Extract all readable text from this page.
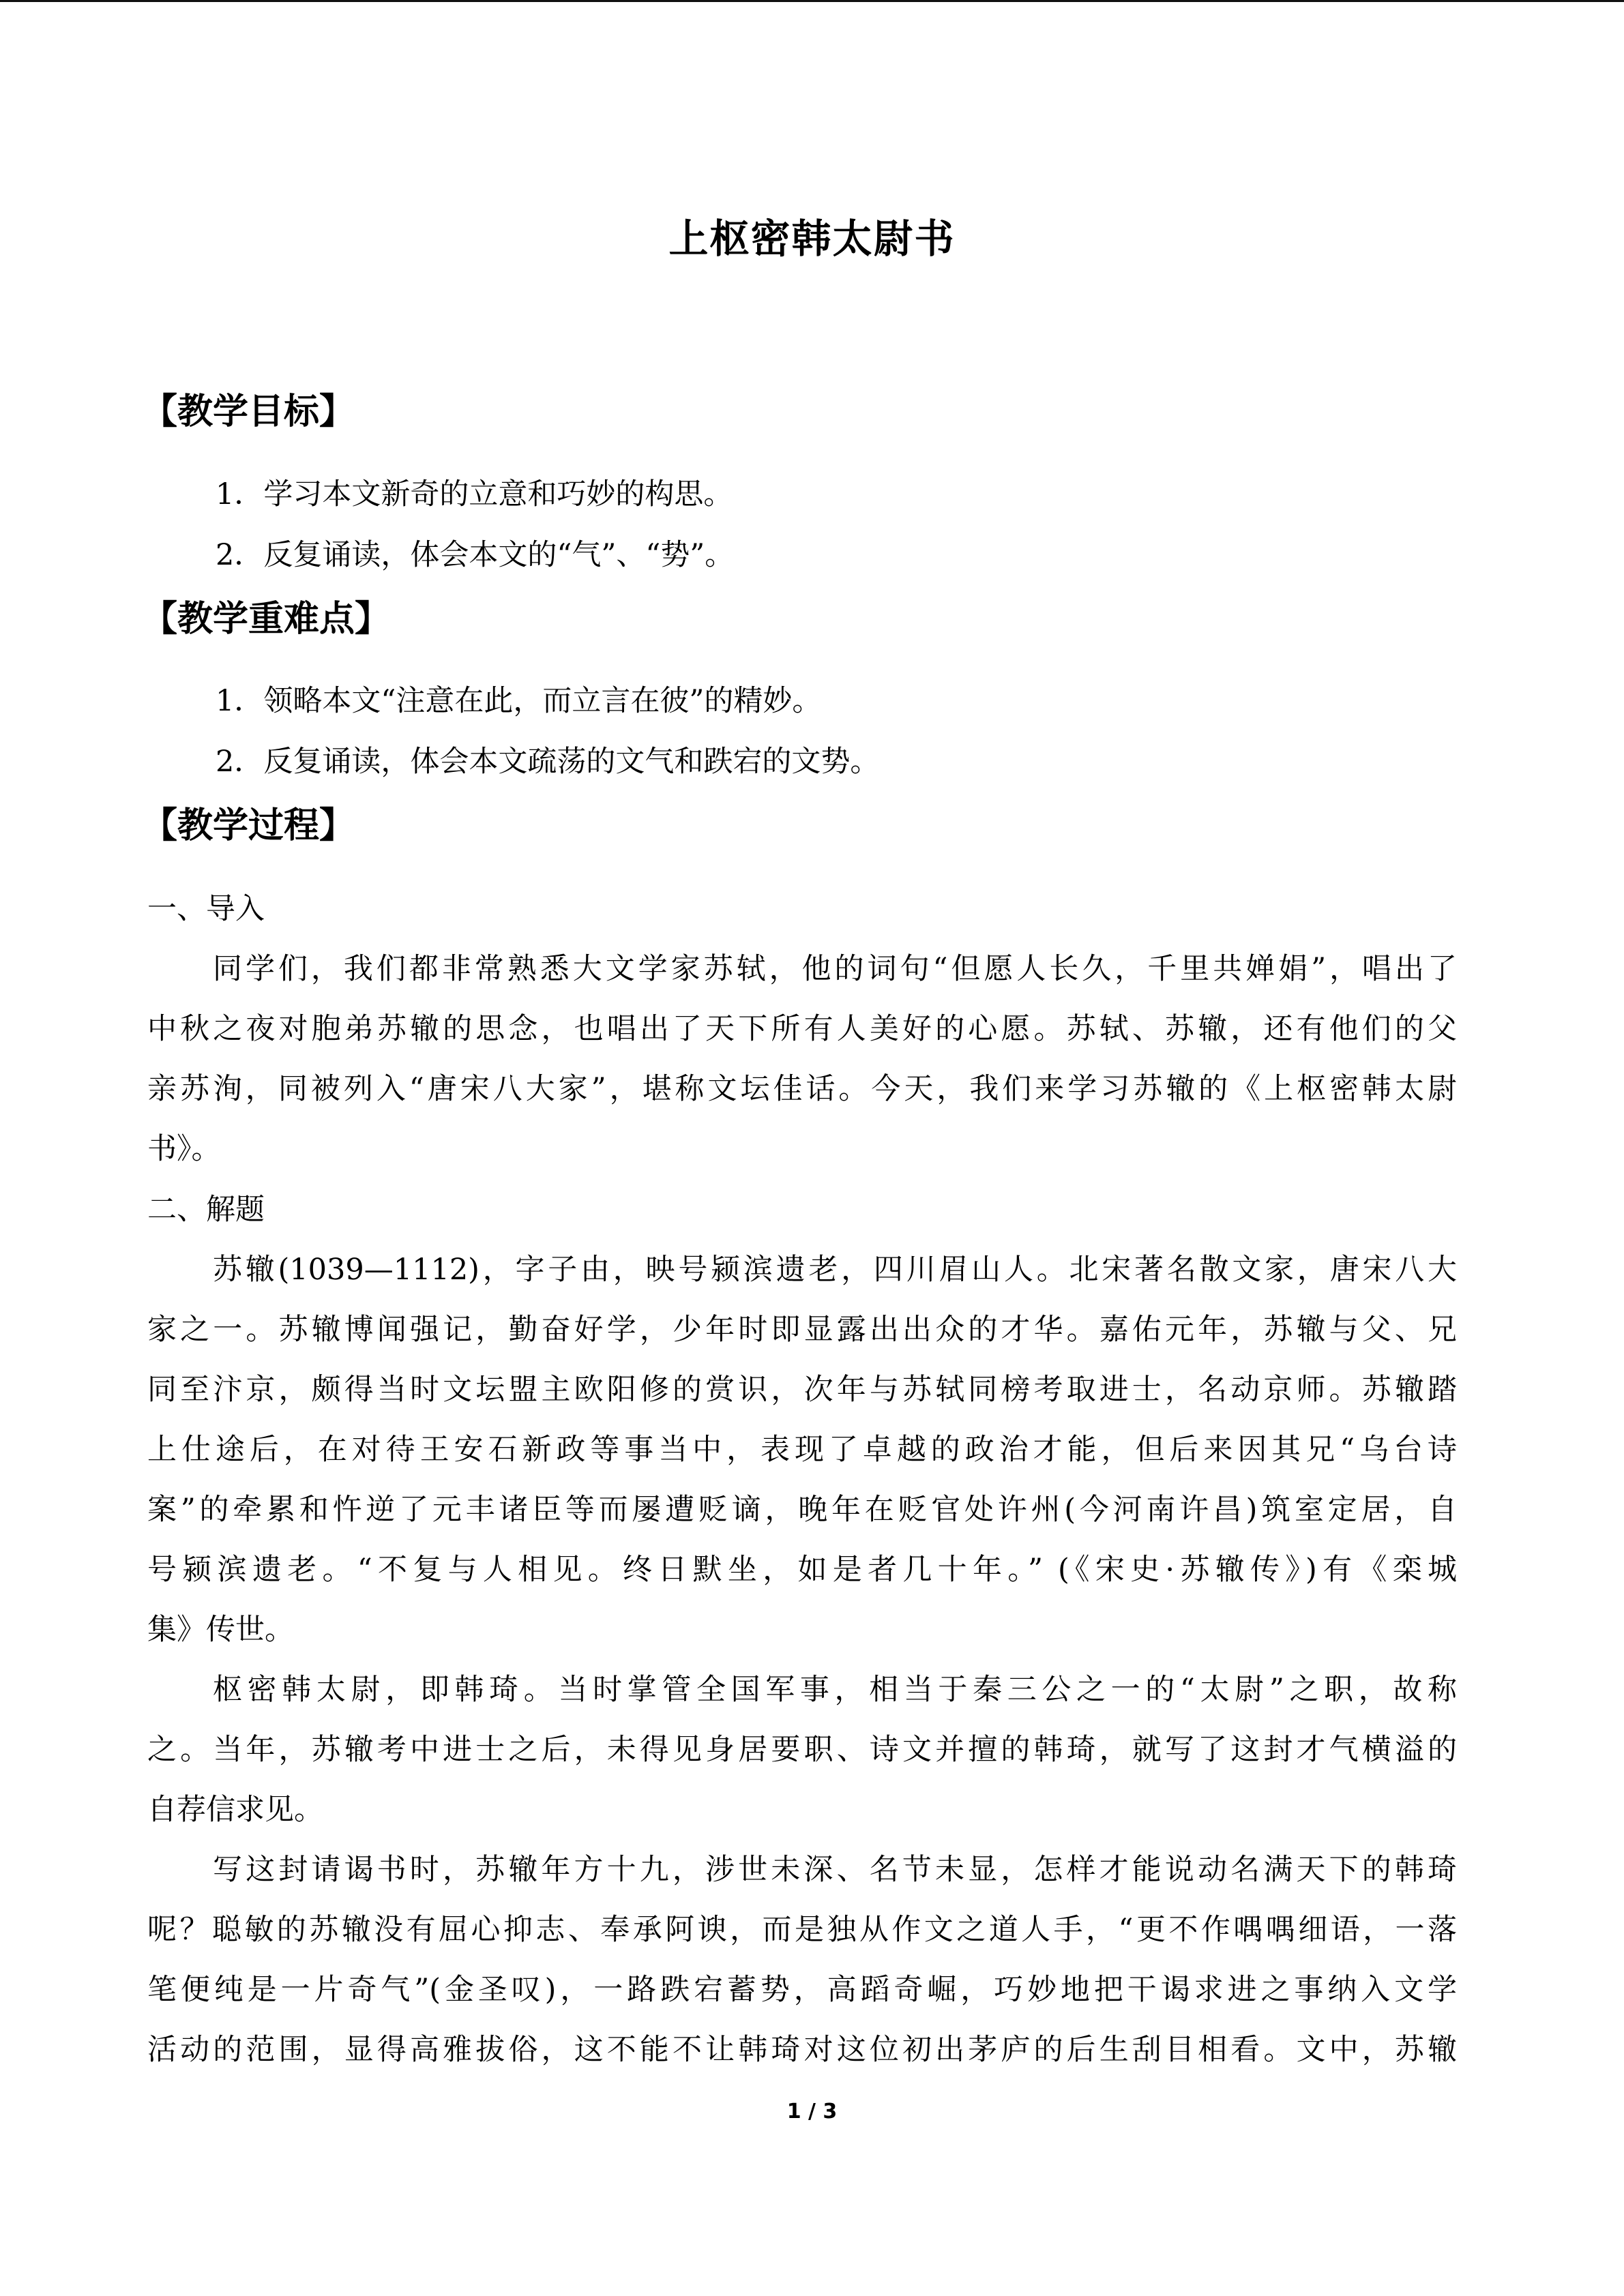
上枢密韩太尉书
【教学目标】
1．学习本文新奇的立意和巧妙的构思。
2．反复诵读，体会本文的“气”、“势”。
【教学重难点】
1．领略本文“注意在此，而立言在彼”的精妙。
2．反复诵读，体会本文疏荡的文气和跌宕的文势。
【教学过程】
一、导入
同学们，我们都非常熟悉大文学家苏轼，他的词句“但愿人长久，千里共婵娟”，唱出了
中秋之夜对胞弟苏辙的思念，也唱出了天下所有人美好的心愿。苏轼、苏辙，还有他们的父
亲苏洵，同被列入“唐宋八大家”，堪称文坛佳话。今天，我们来学习苏辙的《上枢密韩太尉
书》。
二、解题
苏辙(1039—1112)，字子由，映号颍滨遗老，四川眉山人。北宋著名散文家，唐宋八大
家之一。苏辙博闻强记，勤奋好学，少年时即显露出出众的才华。嘉佑元年，苏辙与父、兄
同至汴京，颇得当时文坛盟主欧阳修的赏识，次年与苏轼同榜考取进士，名动京师。苏辙踏
上仕途后，在对待王安石新政等事当中，表现了卓越的政治才能，但后来因其兄“乌台诗
案”的牵累和忤逆了元丰诸臣等而屡遭贬谪，晚年在贬官处许州(今河南许昌)筑室定居，自
号颍滨遗老。“不复与人相见。终日默坐，如是者几十年。” (《宋史·苏辙传》)有《栾城
集》传世。
枢密韩太尉，即韩琦。当时掌管全国军事，相当于秦三公之一的“太尉”之职，故称
之。当年，苏辙考中进士之后，未得见身居要职、诗文并擅的韩琦，就写了这封才气横溢的
自荐信求见。
写这封请谒书时，苏辙年方十九，涉世未深、名节未显，怎样才能说动名满天下的韩琦
呢？聪敏的苏辙没有屈心抑志、奉承阿谀，而是独从作文之道人手，“更不作喁喁细语，一落
笔便纯是一片奇气”(金圣叹)，一路跌宕蓄势，高蹈奇崛，巧妙地把干谒求进之事纳入文学
活动的范围，显得高雅拔俗，这不能不让韩琦对这位初出茅庐的后生刮目相看。文中，苏辙
1 / 3
